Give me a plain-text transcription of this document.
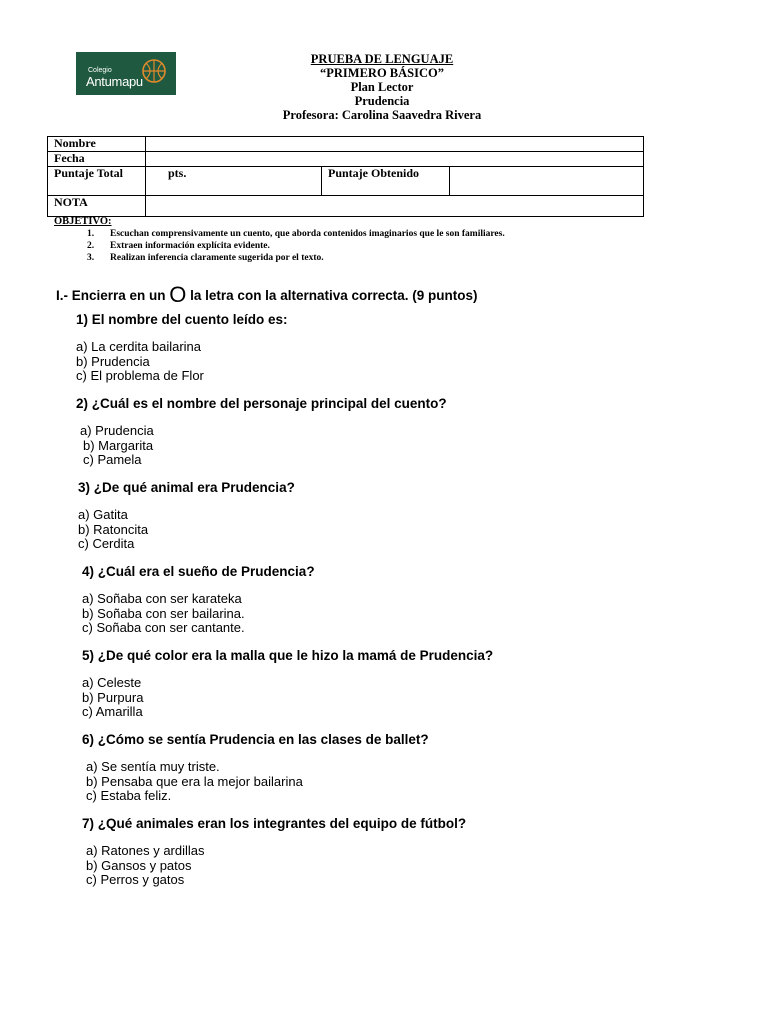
Colegio
Antumapu
PRUEBA DE LENGUAJE
“PRIMERO BÁSICO”
Plan Lector
Prudencia
Profesora: Carolina Saavedra Rivera
Nombre			
Fecha			
Puntaje Total	pts.	Puntaje Obtenido	
NOTA			
OBJETIVO:
1. Escuchan comprensivamente un cuento, que aborda contenidos imaginarios que le son familiares.
2. Extraen información explícita evidente.
3. Realizan inferencia claramente sugerida por el texto.
I.- Encierra en un O la letra con la alternativa correcta. (9 puntos)
1) El nombre del cuento leído es:
a) La cerdita bailarina
b) Prudencia
c) El problema de Flor
2) ¿Cuál es el nombre del personaje principal del cuento?
a) Prudencia
b) Margarita
c) Pamela
3) ¿De qué animal era Prudencia?
a) Gatita
b) Ratoncita
c) Cerdita
4) ¿Cuál era el sueño de Prudencia?
a) Soñaba con ser karateka
b) Soñaba con ser bailarina.
c) Soñaba con ser cantante.
5) ¿De qué color era la malla que le hizo la mamá de Prudencia?
a) Celeste
b) Purpura
c) Amarilla
6) ¿Cómo se sentía Prudencia en las clases de ballet?
a) Se sentía muy triste.
b) Pensaba que era la mejor bailarina
c) Estaba feliz.
7) ¿Qué animales eran los integrantes del equipo de fútbol?
a) Ratones y ardillas
b) Gansos y patos
c) Perros y gatos
